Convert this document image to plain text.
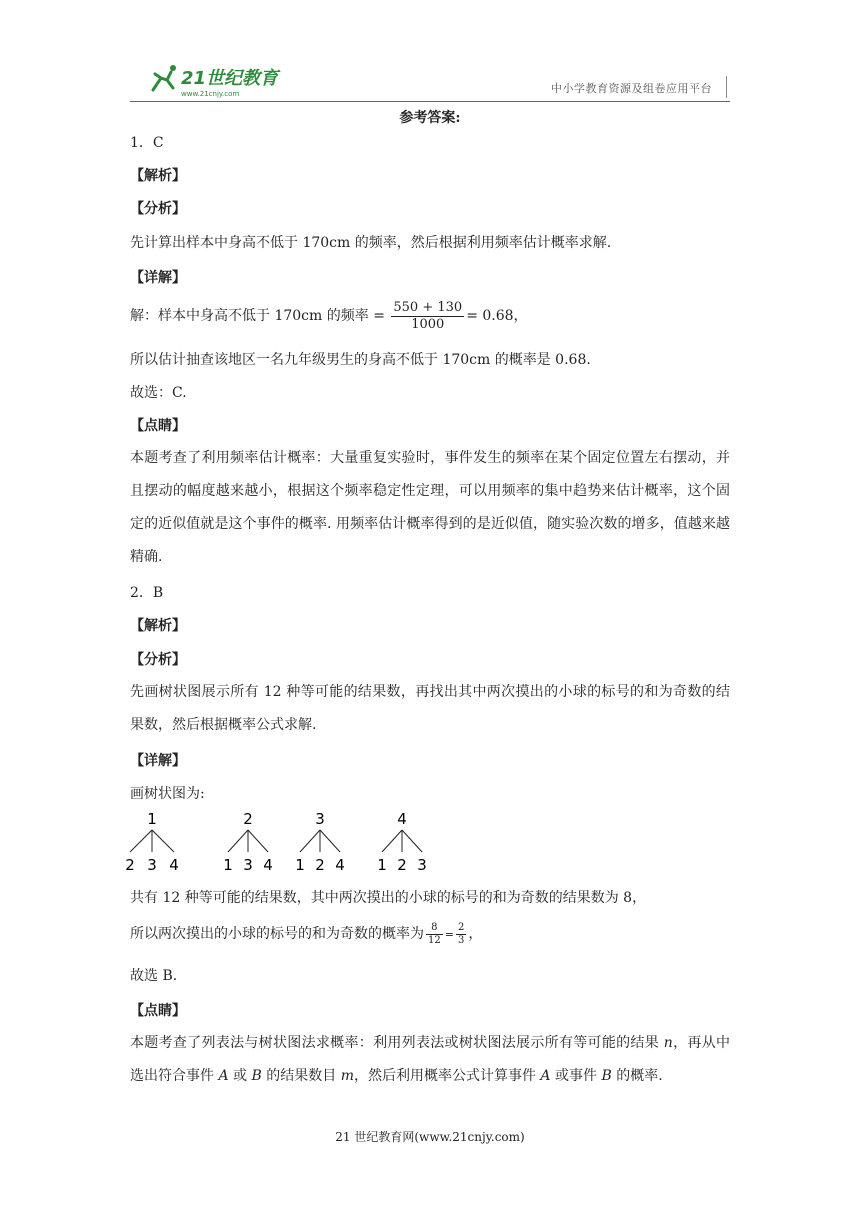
21世纪教育
www.21cnjy.com	中小学教育资源及组卷应用平台
参考答案:
1．C
【解析】
【分析】
先计算出样本中身高不低于 170cm 的频率，然后根据利用频率估计概率求解.
【详解】
解：样本中身高不低于 170cm 的频率 = $\frac{550 + 130}{1000} = 0.68$，
所以估计抽查该地区一名九年级男生的身高不低于 170cm 的概率是 0.68.
故选：C.
【点睛】
本题考查了利用频率估计概率：大量重复实验时，事件发生的频率在某个固定位置左右摆动，并且摆动的幅度越来越小，根据这个频率稳定性定理，可以用频率的集中趋势来估计概率，这个固定的近似值就是这个事件的概率. 用频率估计概率得到的是近似值，随实验次数的增多，值越来越精确.
2．B
【解析】
【分析】
先画树状图展示所有 12 种等可能的结果数，再找出其中两次摸出的小球的标号的和为奇数的结果数，然后根据概率公式求解.
【详解】
画树状图为:
1
2 3 4
2
1 3 4
3
1 2 4
4
1 2 3
共有 12 种等可能的结果数，其中两次摸出的小球的标号的和为奇数的结果数为 8，
所以两次摸出的小球的标号的和为奇数的概率为 $\frac{8}{12} = \frac{2}{3}$ ，
故选 B.
【点睛】
本题考查了列表法与树状图法求概率：利用列表法或树状图法展示所有等可能的结果 n，再从中选出符合事件 A 或 B 的结果数目 m，然后利用概率公式计算事件 A 或事件 B 的概率.
21 世纪教育网(www.21cnjy.com)
